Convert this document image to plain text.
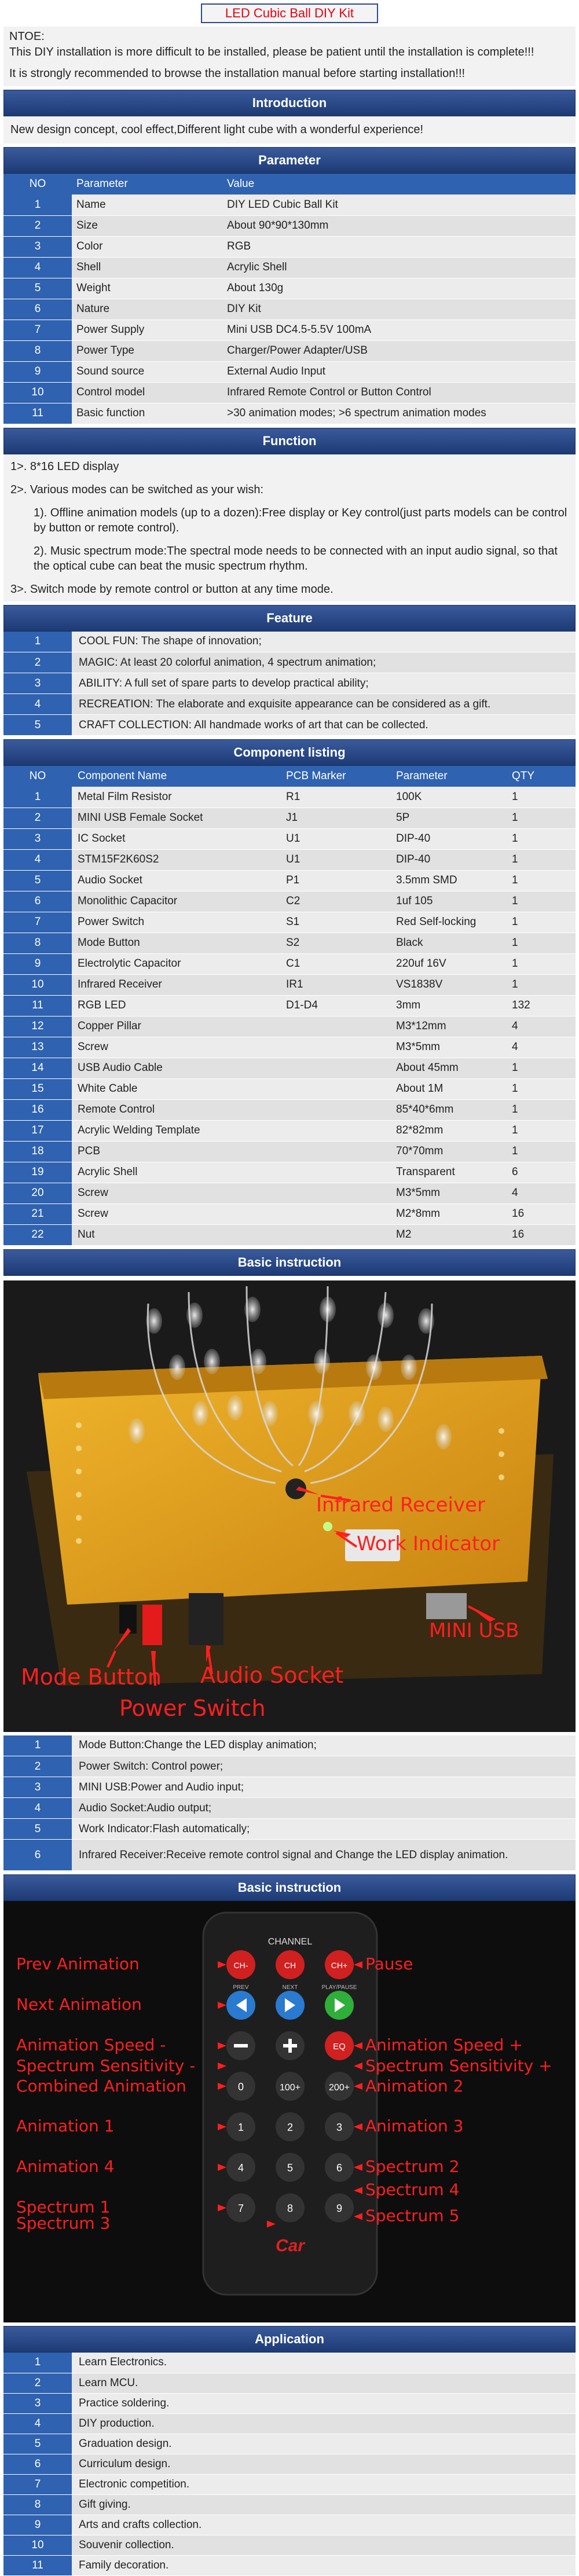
LED Cubic Ball DIY Kit

NTOE:

This DIY installation is more difficult to be installed, please be patient until the installation is complete!!!

It is strongly recommended to browse the installation manual before starting installation!!!

Introduction
New design concept, cool effect,Different light cube with a wonderful experience!
Parameter
NO	Parameter	Value
1	Name	DIY LED Cubic Ball Kit
2	Size	About 90*90*130mm
3	Color	RGB
4	Shell	Acrylic Shell
5	Weight	About 130g
6	Nature	DIY Kit
7	Power Supply	Mini USB DC4.5-5.5V 100mA
8	Power Type	Charger/Power Adapter/USB
9	Sound source	External Audio Input
10	Control model	Infrared Remote Control or Button Control
11	Basic function	>30 animation modes; >6 spectrum animation modes
Function

1>. 8*16 LED display

2>. Various modes can be switched as your wish:

1). Offline animation models (up to a dozen):Free display or Key control(just parts models can be control by button or remote control).

2). Music spectrum mode:The spectral mode needs to be connected with an input audio signal, so that the optical cube can beat the music spectrum rhythm.

3>. Switch mode by remote control or button at any time mode.

Feature
1	COOL FUN: The shape of innovation;
2	MAGIC: At least 20 colorful animation, 4 spectrum animation;
3	ABILITY: A full set of spare parts to develop practical ability;
4	RECREATION: The elaborate and exquisite appearance can be considered as a gift.
5	CRAFT COLLECTION: All handmade works of art that can be collected.
Component listing
NO	Component Name	PCB Marker	Parameter	QTY
1	Metal Film Resistor	R1	100K	1
2	MINI USB Female Socket	J1	5P	1
3	IC Socket	U1	DIP-40	1
4	STM15F2K60S2	U1	DIP-40	1
5	Audio Socket	P1	3.5mm SMD	1
6	Monolithic Capacitor	C2	1uf 105	1
7	Power Switch	S1	Red Self-locking	1
8	Mode Button	S2	Black	1
9	Electrolytic Capacitor	C1	220uf 16V	1
10	Infrared Receiver	IR1	VS1838V	1
11	RGB LED	D1-D4	3mm	132
12	Copper Pillar		M3*12mm	4
13	Screw		M3*5mm	4
14	USB Audio Cable		About 45mm	1
15	White Cable		About 1M	1
16	Remote Control		85*40*6mm	1
17	Acrylic Welding Template		82*82mm	1
18	PCB		70*70mm	1
19	Acrylic Shell		Transparent	6
20	Screw		M3*5mm	4
21	Screw		M2*8mm	16
22	Nut		M2	16
Basic instruction
Infrared Receiver
Work Indicator
MINI USB
Mode Button Audio Socket
Power Switch
1	Mode Button:Change the LED display animation;
2	Power Switch: Control power;
3	MINI USB:Power and Audio input;
4	Audio Socket:Audio output;
5	Work Indicator:Flash automatically;
6	Infrared Receiver:Receive remote control signal and Change the LED display animation.
Basic instruction
CHANNEL
CH-	CH	CH+
PREV	NEXT	PLAY/PAUSE
EQ
0	100+	200+
1	2	3
4	5	6
7	8	9
Car
Prev Animation
Next Animation
Animation Speed -
Spectrum Sensitivity -
Combined Animation
Animation 1
Animation 4
Spectrum 1
Spectrum 3
Pause
Animation Speed +
Spectrum Sensitivity +
Animation 2
Animation 3
Spectrum 2
Spectrum 4
Spectrum 5
Application
1	Learn Electronics.
2	Learn MCU.
3	Practice soldering.
4	DIY production.
5	Graduation design.
6	Curriculum design.
7	Electronic competition.
8	Gift giving.
9	Arts and crafts collection.
10	Souvenir collection.
11	Family decoration.
